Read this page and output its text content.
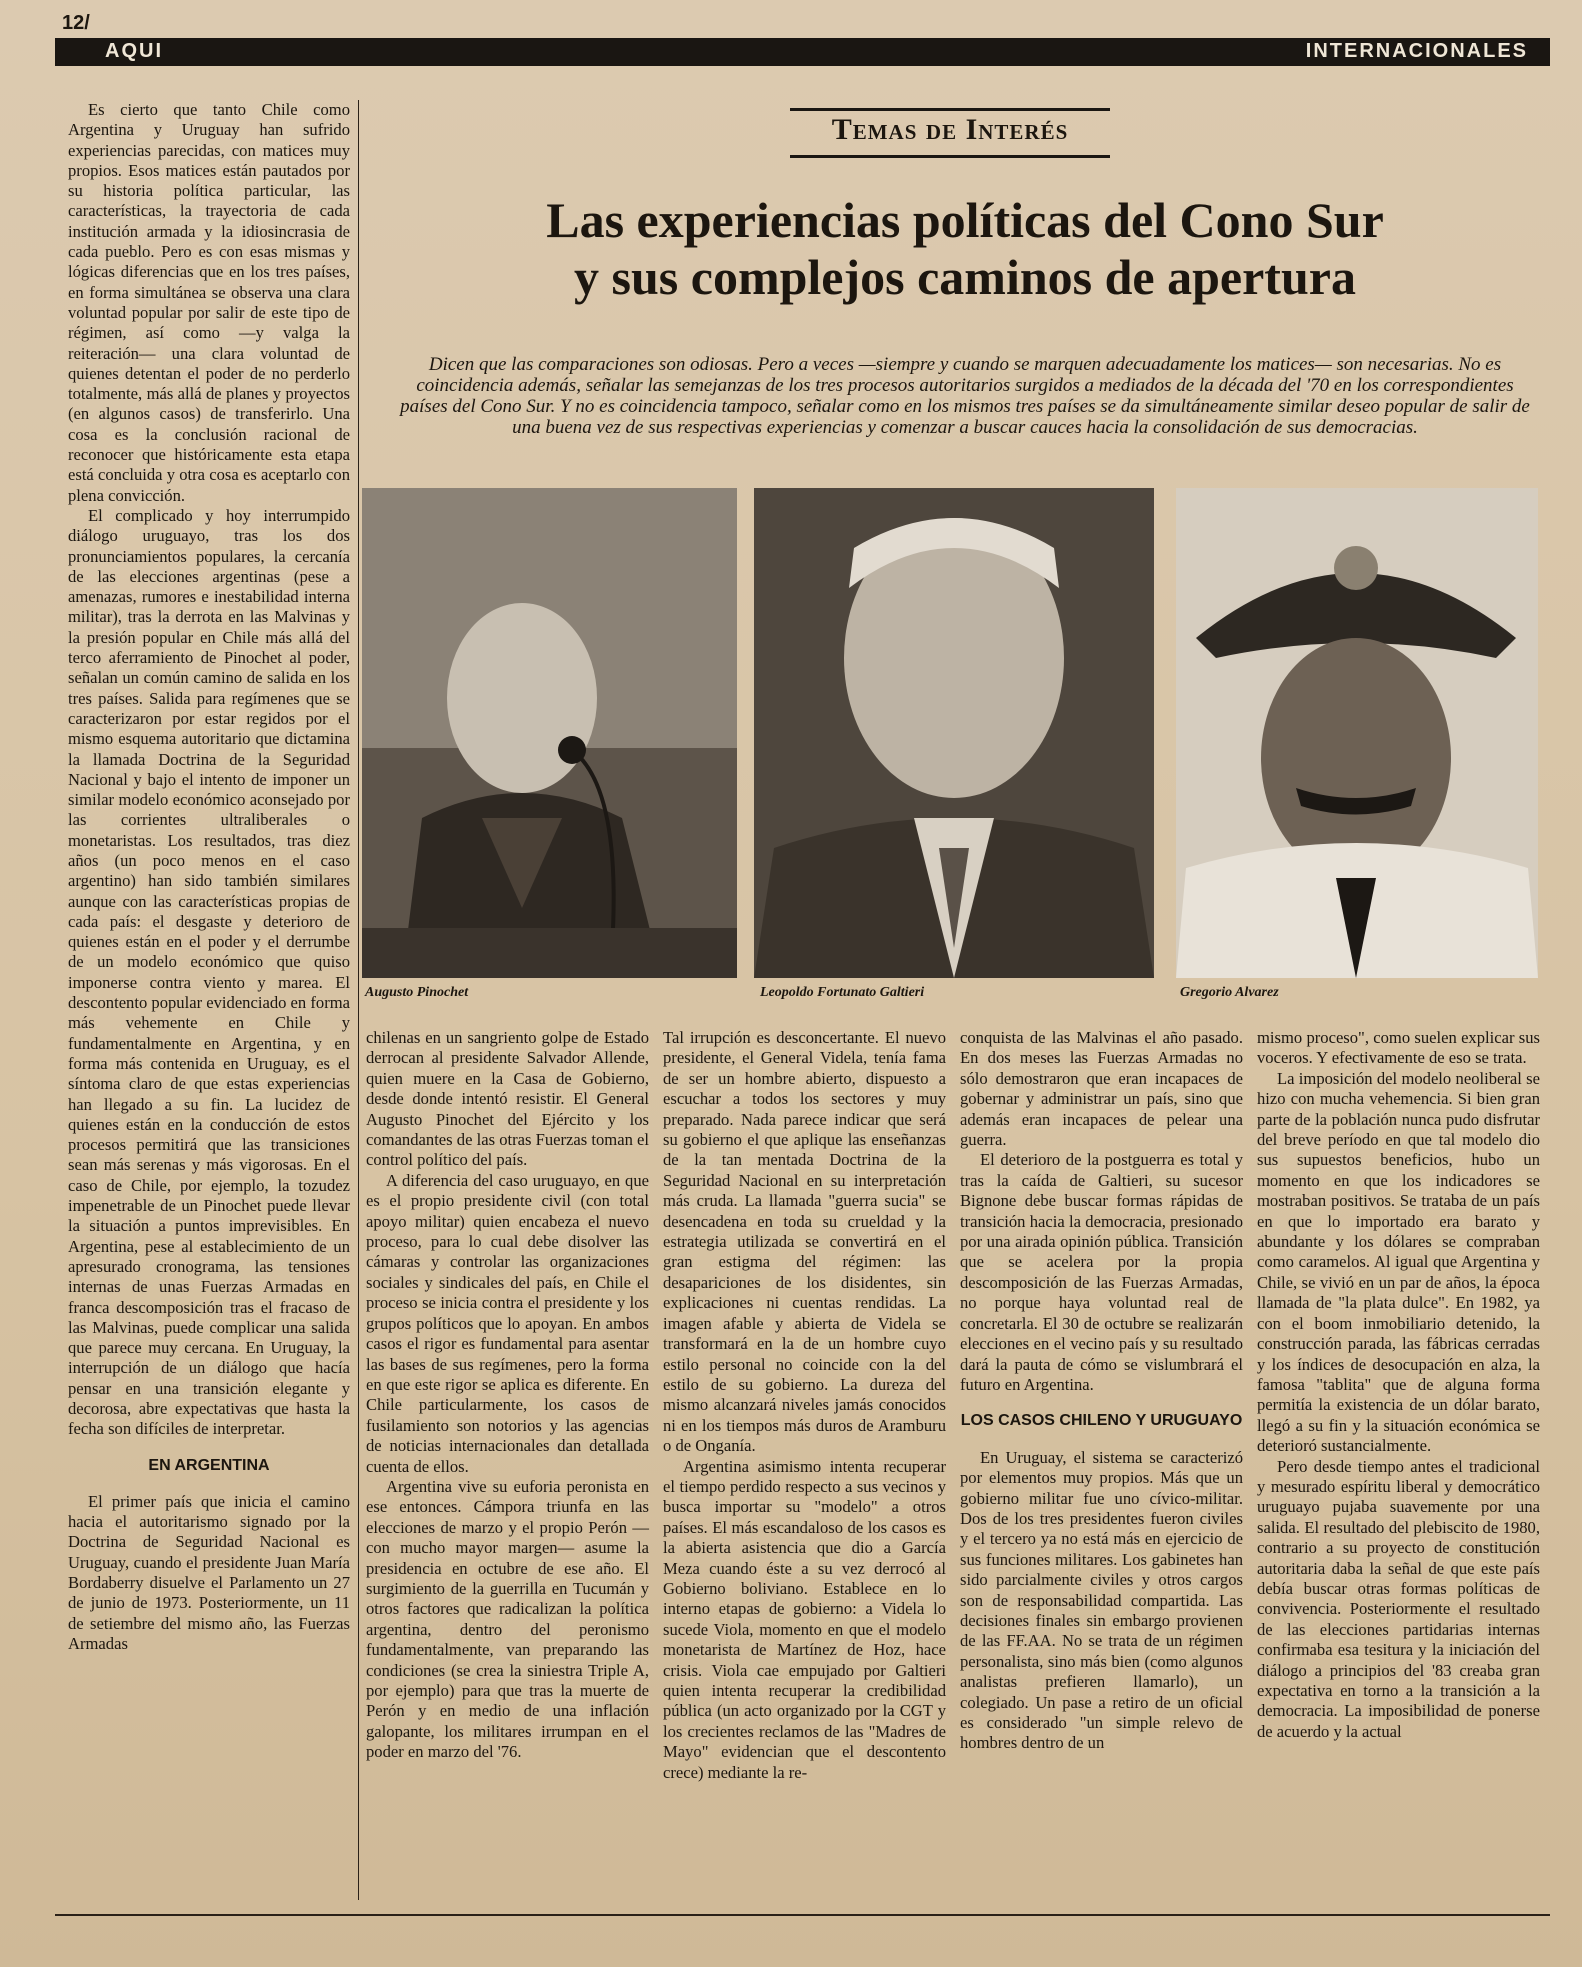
12/
AQUI	INTERNACIONALES

Es cierto que tanto Chile como Argentina y Uruguay han sufrido experiencias parecidas, con matices muy propios. Esos matices están pautados por su historia política particular, las características, la trayectoria de cada institución armada y la idiosincrasia de cada pueblo. Pero es con esas mismas y lógicas diferencias que en los tres países, en forma simultánea se observa una clara voluntad popular por salir de este tipo de régimen, así como —y valga la reiteración— una clara voluntad de quienes detentan el poder de no perderlo totalmente, más allá de planes y proyectos (en algunos casos) de transferirlo. Una cosa es la conclusión racional de reconocer que históricamente esta etapa está concluida y otra cosa es aceptarlo con plena convicción.

El complicado y hoy interrumpido diálogo uruguayo, tras los dos pronunciamientos populares, la cercanía de las elecciones argentinas (pese a amenazas, rumores e inestabilidad interna militar), tras la derrota en las Malvinas y la presión popular en Chile más allá del terco aferramiento de Pinochet al poder, señalan un común camino de salida en los tres países. Salida para regímenes que se caracterizaron por estar regidos por el mismo esquema autoritario que dictamina la llamada Doctrina de la Seguridad Nacional y bajo el intento de imponer un similar modelo económico aconsejado por las corrientes ultraliberales o monetaristas. Los resultados, tras diez años (un poco menos en el caso argentino) han sido también similares aunque con las características propias de cada país: el desgaste y deterioro de quienes están en el poder y el derrumbe de un modelo económico que quiso imponerse contra viento y marea. El descontento popular evidenciado en forma más vehemente en Chile y fundamentalmente en Argentina, y en forma más contenida en Uruguay, es el síntoma claro de que estas experiencias han llegado a su fin. La lucidez de quienes están en la conducción de estos procesos permitirá que las transiciones sean más serenas y más vigorosas. En el caso de Chile, por ejemplo, la tozudez impenetrable de un Pinochet puede llevar la situación a puntos imprevisibles. En Argentina, pese al establecimiento de un apresurado cronograma, las tensiones internas de unas Fuerzas Armadas en franca descomposición tras el fracaso de las Malvinas, puede complicar una salida que parece muy cercana. En Uruguay, la interrupción de un diálogo que hacía pensar en una transición elegante y decorosa, abre expectativas que hasta la fecha son difíciles de interpretar.

EN ARGENTINA

El primer país que inicia el camino hacia el autoritarismo signado por la Doctrina de Seguridad Nacional es Uruguay, cuando el presidente Juan María Bordaberry disuelve el Parlamento un 27 de junio de 1973. Posteriormente, un 11 de setiembre del mismo año, las Fuerzas Armadas

Temas de Interés
Las experiencias políticas del Cono Sur
y sus complejos caminos de apertura
Dicen que las comparaciones son odiosas. Pero a veces —siempre y cuando se marquen adecuadamente los matices— son necesarias. No es coincidencia además, señalar las semejanzas de los tres procesos autoritarios surgidos a mediados de la década del '70 en los correspondientes países del Cono Sur. Y no es coincidencia tampoco, señalar como en los mismos tres países se da simultáneamente similar deseo popular de salir de una buena vez de sus respectivas experiencias y comenzar a buscar cauces hacia la consolidación de sus democracias.
Augusto Pinochet	Leopoldo Fortunato Galtieri	Gregorio Alvarez

chilenas en un sangriento golpe de Estado derrocan al presidente Salvador Allende, quien muere en la Casa de Gobierno, desde donde intentó resistir. El General Augusto Pinochet del Ejército y los comandantes de las otras Fuerzas toman el control político del país.

A diferencia del caso uruguayo, en que es el propio presidente civil (con total apoyo militar) quien encabeza el nuevo proceso, para lo cual debe disolver las cámaras y controlar las organizaciones sociales y sindicales del país, en Chile el proceso se inicia contra el presidente y los grupos políticos que lo apoyan. En ambos casos el rigor es fundamental para asentar las bases de sus regímenes, pero la forma en que este rigor se aplica es diferente. En Chile particularmente, los casos de fusilamiento son notorios y las agencias de noticias internacionales dan detallada cuenta de ellos.

Argentina vive su euforia peronista en ese entonces. Cámpora triunfa en las elecciones de marzo y el propio Perón —con mucho mayor margen— asume la presidencia en octubre de ese año. El surgimiento de la guerrilla en Tucumán y otros factores que radicalizan la política argentina, dentro del peronismo fundamentalmente, van preparando las condiciones (se crea la siniestra Triple A, por ejemplo) para que tras la muerte de Perón y en medio de una inflación galopante, los militares irrumpan en el poder en marzo del '76.

Tal irrupción es desconcertante. El nuevo presidente, el General Videla, tenía fama de ser un hombre abierto, dispuesto a escuchar a todos los sectores y muy preparado. Nada parece indicar que será su gobierno el que aplique las enseñanzas de la tan mentada Doctrina de la Seguridad Nacional en su interpretación más cruda. La llamada "guerra sucia" se desencadena en toda su crueldad y la estrategia utilizada se convertirá en el gran estigma del régimen: las desapariciones de los disidentes, sin explicaciones ni cuentas rendidas. La imagen afable y abierta de Videla se transformará en la de un hombre cuyo estilo personal no coincide con la del estilo de su gobierno. La dureza del mismo alcanzará niveles jamás conocidos ni en los tiempos más duros de Aramburu o de Onganía.

Argentina asimismo intenta recuperar el tiempo perdido respecto a sus vecinos y busca importar su "modelo" a otros países. El más escandaloso de los casos es la abierta asistencia que dio a García Meza cuando éste a su vez derrocó al Gobierno boliviano. Establece en lo interno etapas de gobierno: a Videla lo sucede Viola, momento en que el modelo monetarista de Martínez de Hoz, hace crisis. Viola cae empujado por Galtieri quien intenta recuperar la credibilidad pública (un acto organizado por la CGT y los crecientes reclamos de las "Madres de Mayo" evidencian que el descontento crece) mediante la re-

conquista de las Malvinas el año pasado. En dos meses las Fuerzas Armadas no sólo demostraron que eran incapaces de gobernar y administrar un país, sino que además eran incapaces de pelear una guerra.

El deterioro de la postguerra es total y tras la caída de Galtieri, su sucesor Bignone debe buscar formas rápidas de transición hacia la democracia, presionado por una airada opinión pública. Transición que se acelera por la propia descomposición de las Fuerzas Armadas, no porque haya voluntad real de concretarla. El 30 de octubre se realizarán elecciones en el vecino país y su resultado dará la pauta de cómo se vislumbrará el futuro en Argentina.

LOS CASOS CHILENO Y URUGUAYO

En Uruguay, el sistema se caracterizó por elementos muy propios. Más que un gobierno militar fue uno cívico-militar. Dos de los tres presidentes fueron civiles y el tercero ya no está más en ejercicio de sus funciones militares. Los gabinetes han sido parcialmente civiles y otros cargos son de responsabilidad compartida. Las decisiones finales sin embargo provienen de las FF.AA. No se trata de un régimen personalista, sino más bien (como algunos analistas prefieren llamarlo), un colegiado. Un pase a retiro de un oficial es considerado "un simple relevo de hombres dentro de un

mismo proceso", como suelen explicar sus voceros. Y efectivamente de eso se trata.

La imposición del modelo neoliberal se hizo con mucha vehemencia. Si bien gran parte de la población nunca pudo disfrutar del breve período en que tal modelo dio sus supuestos beneficios, hubo un momento en que los indicadores se mostraban positivos. Se trataba de un país en que lo importado era barato y abundante y los dólares se compraban como caramelos. Al igual que Argentina y Chile, se vivió en un par de años, la época llamada de "la plata dulce". En 1982, ya con el boom inmobiliario detenido, la construcción parada, las fábricas cerradas y los índices de desocupación en alza, la famosa "tablita" que de alguna forma permitía la existencia de un dólar barato, llegó a su fin y la situación económica se deterioró sustancialmente.

Pero desde tiempo antes el tradicional y mesurado espíritu liberal y democrático uruguayo pujaba suavemente por una salida. El resultado del plebiscito de 1980, contrario a su proyecto de constitución autoritaria daba la señal de que este país debía buscar otras formas políticas de convivencia. Posteriormente el resultado de las elecciones partidarias internas confirmaba esa tesitura y la iniciación del diálogo a principios del '83 creaba gran expectativa en torno a la transición a la democracia. La imposibilidad de ponerse de acuerdo y la actual
